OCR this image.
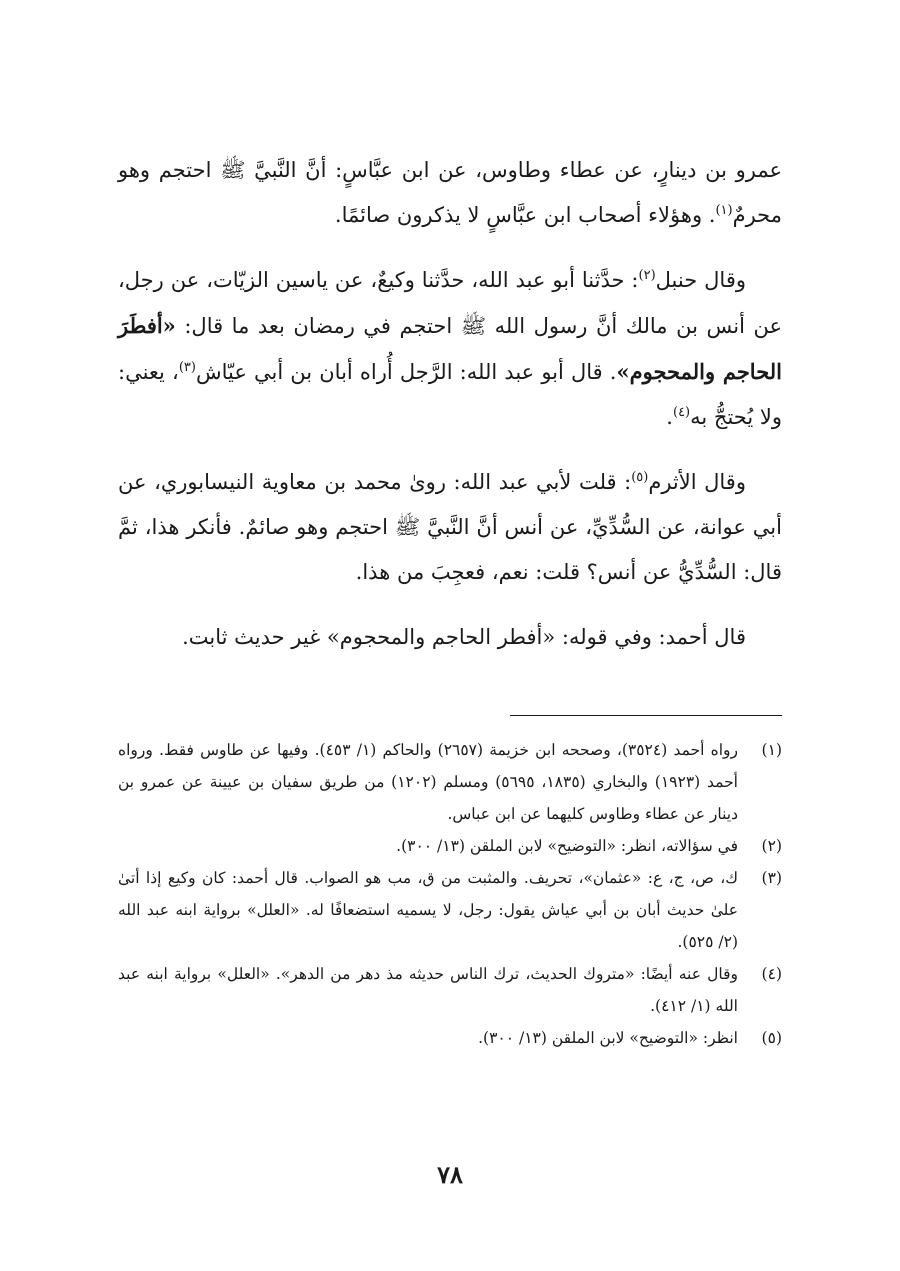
عمرو بن دينارٍ، عن عطاء وطاوس، عن ابن عبَّاسٍ: أنَّ النَّبيَّ ﷺ احتجم وهو محرمٌ$^{(١)}$. وهؤلاء أصحاب ابن عبَّاسٍ لا يذكرون صائمًا.

وقال حنبل$^{(٢)}$: حدَّثنا أبو عبد الله، حدَّثنا وكيعٌ، عن ياسين الزيّات، عن رجل، عن أنس بن مالك أنَّ رسول الله ﷺ احتجم في رمضان بعد ما قال: «أفطَرَ الحاجم والمحجوم». قال أبو عبد الله: الرَّجل أُراه أبان بن أبي عيّاش$^{(٣)}$، يعني: ولا يُحتجُّ به$^{(٤)}$.

وقال الأثرم$^{(٥)}$: قلت لأبي عبد الله: روىٰ محمد بن معاوية النيسابوري، عن أبي عوانة، عن السُّدِّيِّ، عن أنس أنَّ النَّبيَّ ﷺ احتجم وهو صائمٌ. فأنكر هذا، ثمَّ قال: السُّدِّيُّ عن أنس؟ قلت: نعم، فعجِبَ من هذا.

قال أحمد: وفي قوله: «أفطر الحاجم والمحجوم» غير حديث ثابت.

(١)
رواه أحمد (٣٥٢٤)، وصححه ابن خزيمة (٢٦٥٧) والحاكم (١/ ٤٥٣). وفيها عن طاوس فقط. ورواه أحمد (١٩٢٣) والبخاري (١٨٣٥، ٥٦٩٥) ومسلم (١٢٠٢) من طريق سفيان بن عيينة عن عمرو بن دينار عن عطاء وطاوس كليهما عن ابن عباس.
(٢)
في سؤالاته، انظر: «التوضيح» لابن الملقن (١٣/ ٣٠٠).
(٣)
ك، ص، ج، ع: «عثمان»، تحريف. والمثبت من ق، مب هو الصواب. قال أحمد: كان وكيع إذا أتىٰ علىٰ حديث أبان بن أبي عياش يقول: رجل، لا يسميه استضعافًا له. «العلل» برواية ابنه عبد الله (٢/ ٥٢٥).
(٤)
وقال عنه أيضًا: «متروك الحديث، ترك الناس حديثه مذ دهر من الدهر». «العلل» برواية ابنه عبد الله (١/ ٤١٢).
(٥)
انظر: «التوضيح» لابن الملقن (١٣/ ٣٠٠).
٧٨
